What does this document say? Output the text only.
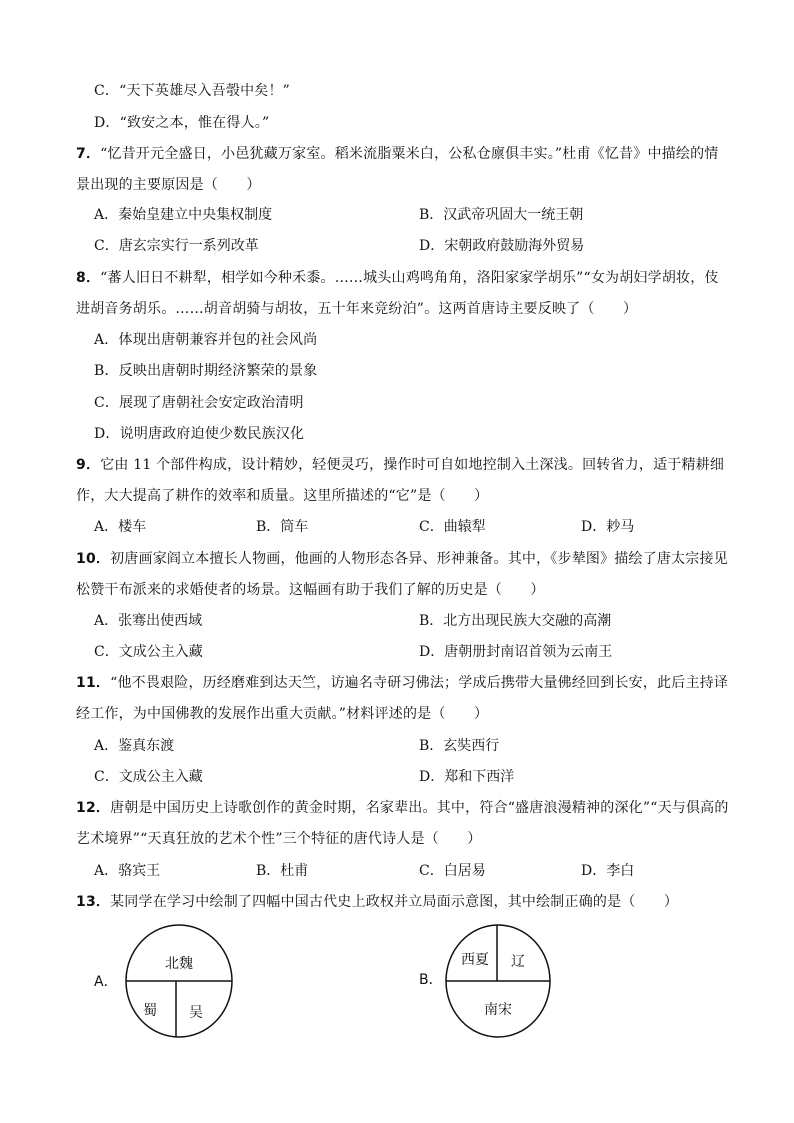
C．“天下英雄尽入吾彀中矣！”
D．“致安之本，惟在得人。”
7．“忆昔开元全盛日，小邑犹藏万家室。稻米流脂粟米白，公私仓廪俱丰实。”杜甫《忆昔》中描绘的情
景出现的主要原因是（　　）
A．秦始皇建立中央集权制度	B．汉武帝巩固大一统王朝
C．唐玄宗实行一系列改革	D．宋朝政府鼓励海外贸易
8．“蕃人旧日不耕犁，相学如今种禾黍。……城头山鸡鸣角角，洛阳家家学胡乐”“女为胡妇学胡妆，伎
进胡音务胡乐。……胡音胡骑与胡妆，五十年来竞纷泊”。这两首唐诗主要反映了（　　）
A．体现出唐朝兼容并包的社会风尚
B．反映出唐朝时期经济繁荣的景象
C．展现了唐朝社会安定政治清明
D．说明唐政府迫使少数民族汉化
9．它由 11 个部件构成，设计精妙，轻便灵巧，操作时可自如地控制入土深浅。回转省力，适于精耕细
作，大大提高了耕作的效率和质量。这里所描述的“它”是（　　）
A．楼车	B．筒车	C．曲辕犁	D．耖马
10．初唐画家阎立本擅长人物画，他画的人物形态各异、形神兼备。其中，《步辇图》描绘了唐太宗接见
松赞干布派来的求婚使者的场景。这幅画有助于我们了解的历史是（　　）
A．张骞出使西域	B．北方出现民族大交融的高潮
C．文成公主入藏	D．唐朝册封南诏首领为云南王
11．“他不畏艰险，历经磨难到达天竺，访遍名寺研习佛法；学成后携带大量佛经回到长安，此后主持译
经工作，为中国佛教的发展作出重大贡献。”材料评述的是（　　）
A．鉴真东渡	B．玄奘西行
C．文成公主入藏	D．郑和下西洋
12．唐朝是中国历史上诗歌创作的黄金时期，名家辈出。其中，符合“盛唐浪漫精神的深化”“天与俱高的
艺术境界”“天真狂放的艺术个性”三个特征的唐代诗人是（　　）
A．骆宾王	B．杜甫	C．白居易	D．李白
13．某同学在学习中绘制了四幅中国古代史上政权并立局面示意图，其中绘制正确的是（　　）
A．
北魏
蜀 吴
B．
西夏 辽
南宋
